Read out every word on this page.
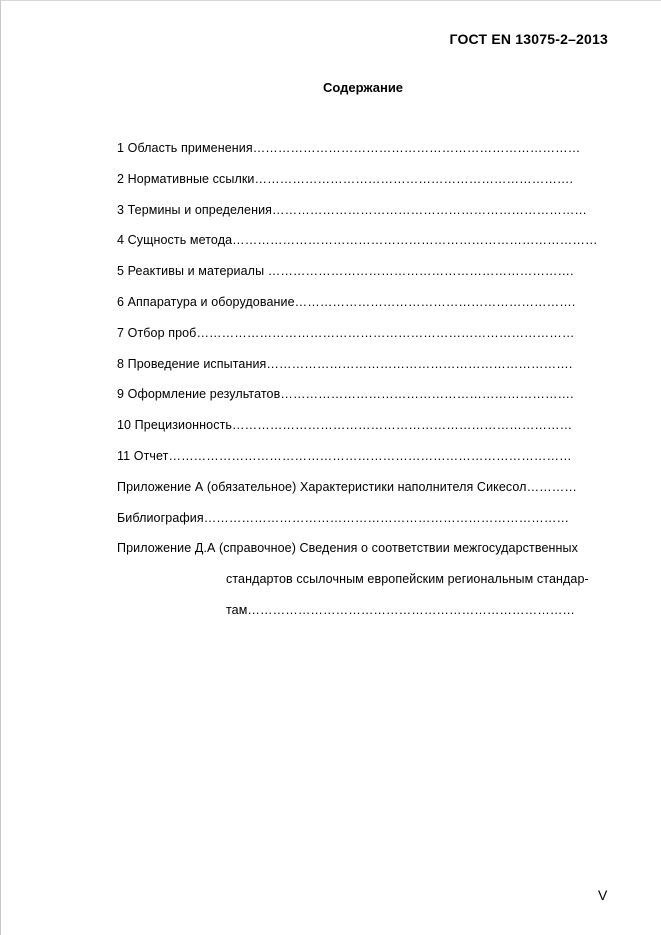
ГОСТ EN 13075-2–2013
Содержание
1 Область применения……………………………………………………………………
2 Нормативные ссылки………………………………………………………………….
3 Термины и определения…………………………………………………………………
4 Сущность метода……………………………………………………………………………
5 Реактивы и материалы ……………………………………………………………….
6 Аппаратура и оборудование………………………………………………………….
7 Отбор проб………………………………………………………………………………
8 Проведение испытания……………………………………………………………….
9 Оформление результатов…………………………………………………………….
10 Прецизионность………………………………………………………………………
11 Отчет……………………………………………………………………………………
Приложение А (обязательное) Характеристики наполнителя Сикесол…………
Библиография……………………………………………………………………………
Приложение Д.А (справочное) Сведения о соответствии межгосударственных
стандартов ссылочным европейским региональным стандар-
там……………………………………………………………………
V
